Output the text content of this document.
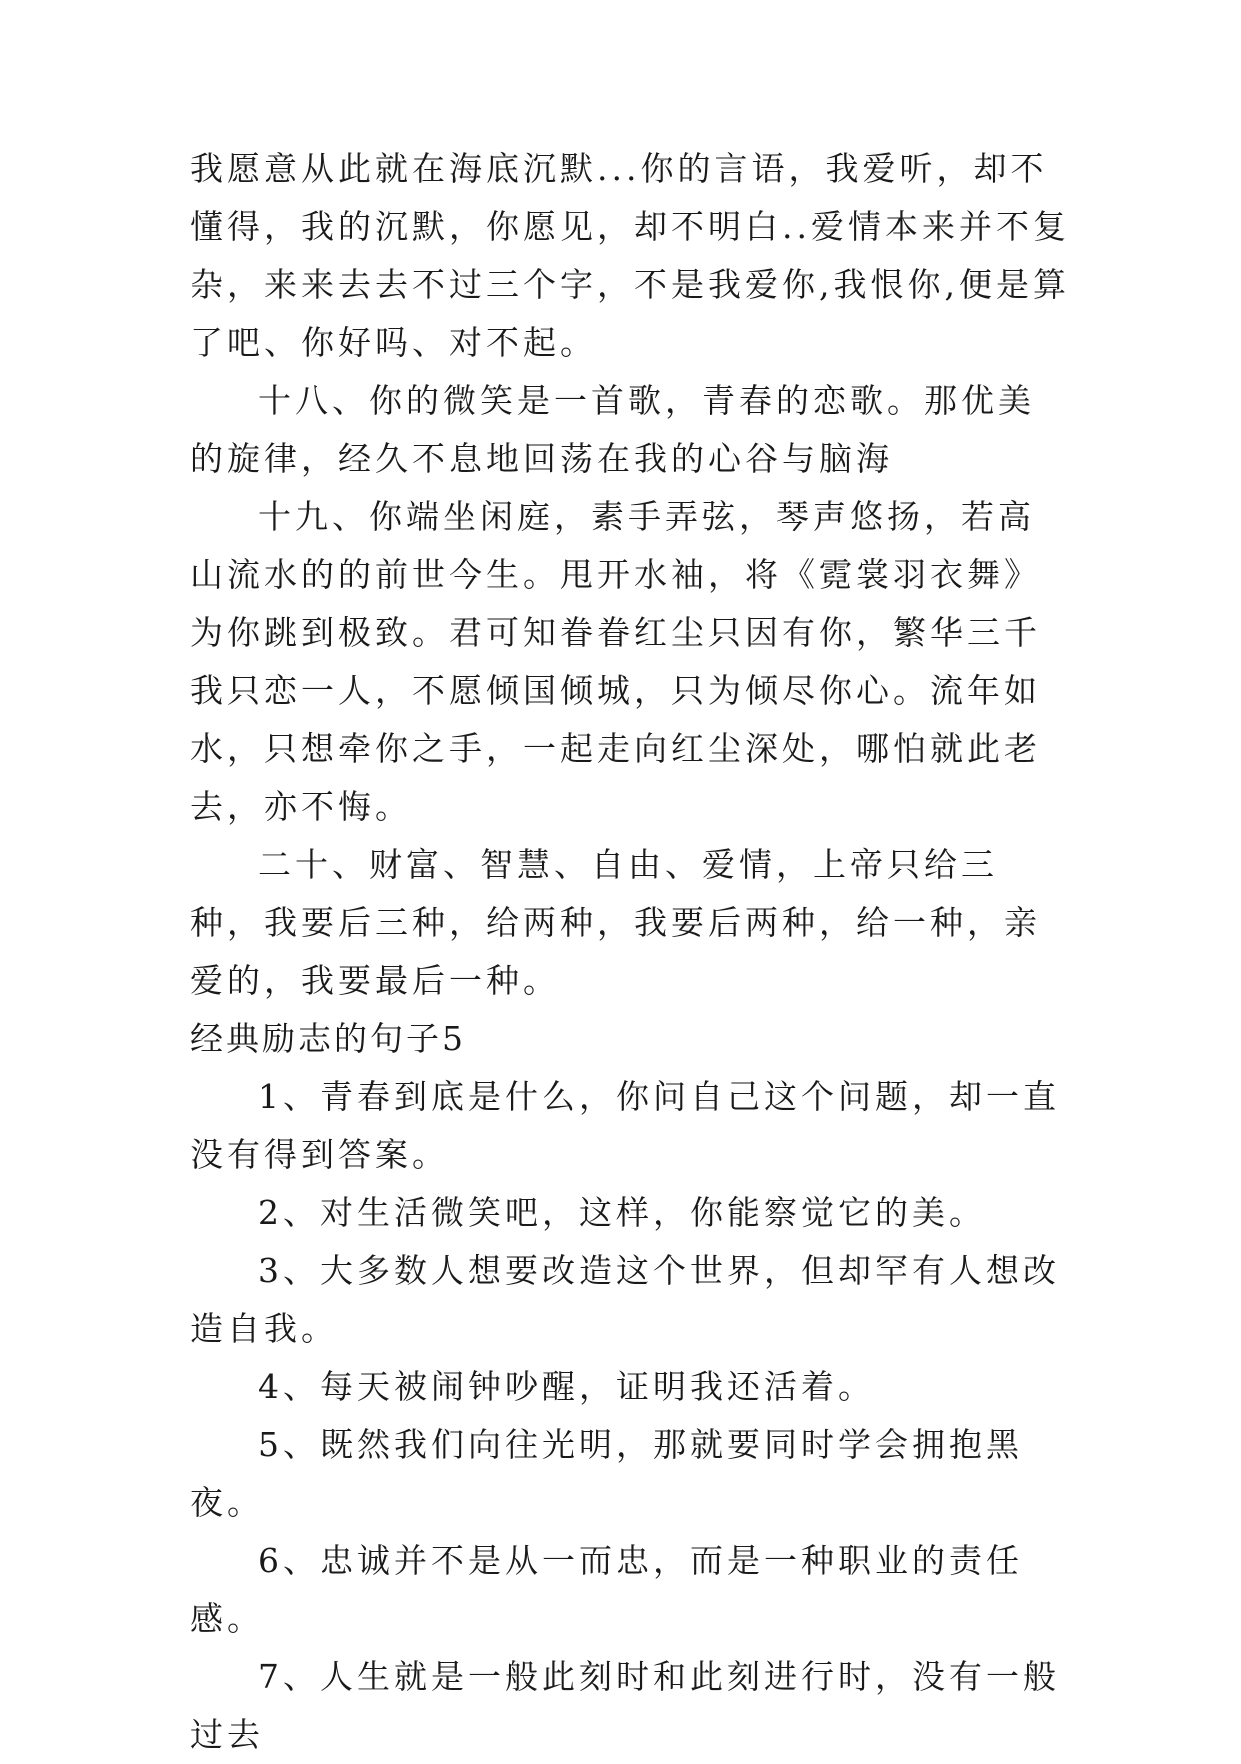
我愿意从此就在海底沉默...你的言语，我爱听，却不懂得，我的沉默，你愿见，却不明白..爱情本来并不复杂，来来去去不过三个字，不是我爱你,我恨你,便是算了吧、你好吗、对不起。

十八、你的微笑是一首歌，青春的恋歌。那优美的旋律，经久不息地回荡在我的心谷与脑海

十九、你端坐闲庭，素手弄弦，琴声悠扬，若高山流水的的前世今生。甩开水袖，将《霓裳羽衣舞》为你跳到极致。君可知眷眷红尘只因有你，繁华三千我只恋一人，不愿倾国倾城，只为倾尽你心。流年如水，只想牵你之手，一起走向红尘深处，哪怕就此老去，亦不悔。

二十、财富、智慧、自由、爱情，上帝只给三种，我要后三种，给两种，我要后两种，给一种，亲爱的，我要最后一种。

经典励志的句子5

1、青春到底是什么，你问自己这个问题，却一直没有得到答案。

2、对生活微笑吧，这样，你能察觉它的美。

3、大多数人想要改造这个世界，但却罕有人想改造自我。

4、每天被闹钟吵醒，证明我还活着。

5、既然我们向往光明，那就要同时学会拥抱黑夜。

6、忠诚并不是从一而忠，而是一种职业的责任感。

7、人生就是一般此刻时和此刻进行时，没有一般过去
